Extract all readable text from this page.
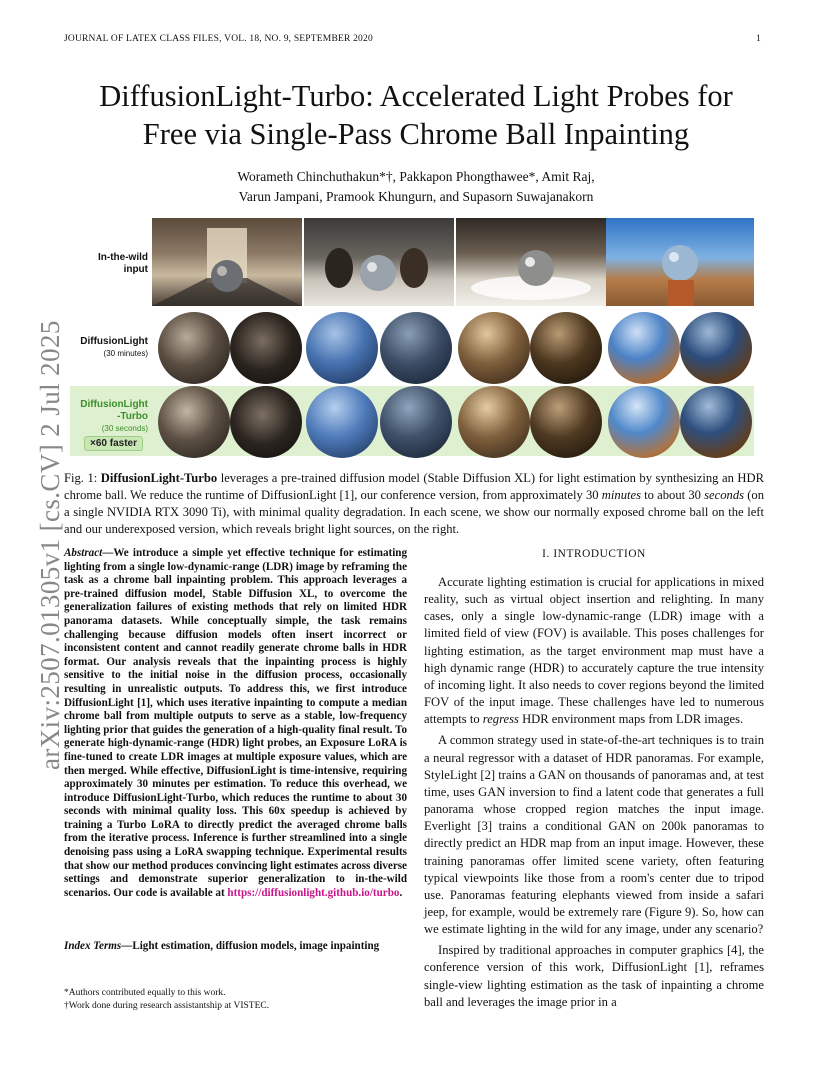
JOURNAL OF LATEX CLASS FILES, VOL. 18, NO. 9, SEPTEMBER 2020	1
DiffusionLight-Turbo: Accelerated Light Probes for
Free via Single-Pass Chrome Ball Inpainting
Worameth Chinchuthakun*†, Pakkapon Phongthawee*, Amit Raj,
Varun Jampani, Pramook Khungurn, and Supasorn Suwajanakorn
arXiv:2507.01305v1 [cs.CV] 2 Jul 2025
In-the-wild
input
DiffusionLight
(30 minutes)
DiffusionLight
-Turbo
(30 seconds)
×60 faster
Fig. 1: DiffusionLight-Turbo leverages a pre-trained diffusion model (Stable Diffusion XL) for light estimation by synthesizing an HDR chrome ball. We reduce the runtime of DiffusionLight [1], our conference version, from approximately 30 minutes to about 30 seconds (on a single NVIDIA RTX 3090 Ti), with minimal quality degradation. In each scene, we show our normally exposed chrome ball on the left and our underexposed version, which reveals bright light sources, on the right.
Abstract—We introduce a simple yet effective technique for estimating lighting from a single low-dynamic-range (LDR) image by reframing the task as a chrome ball inpainting problem. This approach leverages a pre-trained diffusion model, Stable Diffusion XL, to overcome the generalization failures of existing methods that rely on limited HDR panorama datasets. While conceptually simple, the task remains challenging because diffusion models often insert incorrect or inconsistent content and cannot readily generate chrome balls in HDR format. Our analysis reveals that the inpainting process is highly sensitive to the initial noise in the diffusion process, occasionally resulting in unrealistic outputs. To address this, we first introduce DiffusionLight [1], which uses iterative inpainting to compute a median chrome ball from multiple outputs to serve as a stable, low-frequency lighting prior that guides the generation of a high-quality final result. To generate high-dynamic-range (HDR) light probes, an Exposure LoRA is fine-tuned to create LDR images at multiple exposure values, which are then merged. While effective, DiffusionLight is time-intensive, requiring approximately 30 minutes per estimation. To reduce this overhead, we introduce DiffusionLight-Turbo, which reduces the runtime to about 30 seconds with minimal quality loss. This 60x speedup is achieved by training a Turbo LoRA to directly predict the averaged chrome balls from the iterative process. Inference is further streamlined into a single denoising pass using a LoRA swapping technique. Experimental results that show our method produces convincing light estimates across diverse settings and demonstrate superior generalization to in-the-wild scenarios. Our code is available at https://diffusionlight.github.io/turbo.
Index Terms—Light estimation, diffusion models, image inpainting
*Authors contributed equally to this work.
†Work done during research assistantship at VISTEC.
I. INTRODUCTION

Accurate lighting estimation is crucial for applications in mixed reality, such as virtual object insertion and relighting. In many cases, only a single low-dynamic-range (LDR) image with a limited field of view (FOV) is available. This poses challenges for lighting estimation, as the target environment map must have a high dynamic range (HDR) to accurately capture the true intensity of incoming light. It also needs to cover regions beyond the limited FOV of the input image. These challenges have led to numerous attempts to regress HDR environment maps from LDR images.

A common strategy used in state-of-the-art techniques is to train a neural regressor with a dataset of HDR panoramas. For example, StyleLight [2] trains a GAN on thousands of panoramas and, at test time, uses GAN inversion to find a latent code that generates a full panorama whose cropped region matches the input image. Everlight [3] trains a conditional GAN on 200k panoramas to directly predict an HDR map from an input image. However, these training panoramas offer limited scene variety, often featuring typical viewpoints like those from a room's center due to tripod use. Panoramas featuring elephants viewed from inside a safari jeep, for example, would be extremely rare (Figure 9). So, how can we estimate lighting in the wild for any image, under any scenario?

Inspired by traditional approaches in computer graphics [4], the conference version of this work, DiffusionLight [1], reframes single-view lighting estimation as the task of inpainting a chrome ball and leverages the image prior in a
